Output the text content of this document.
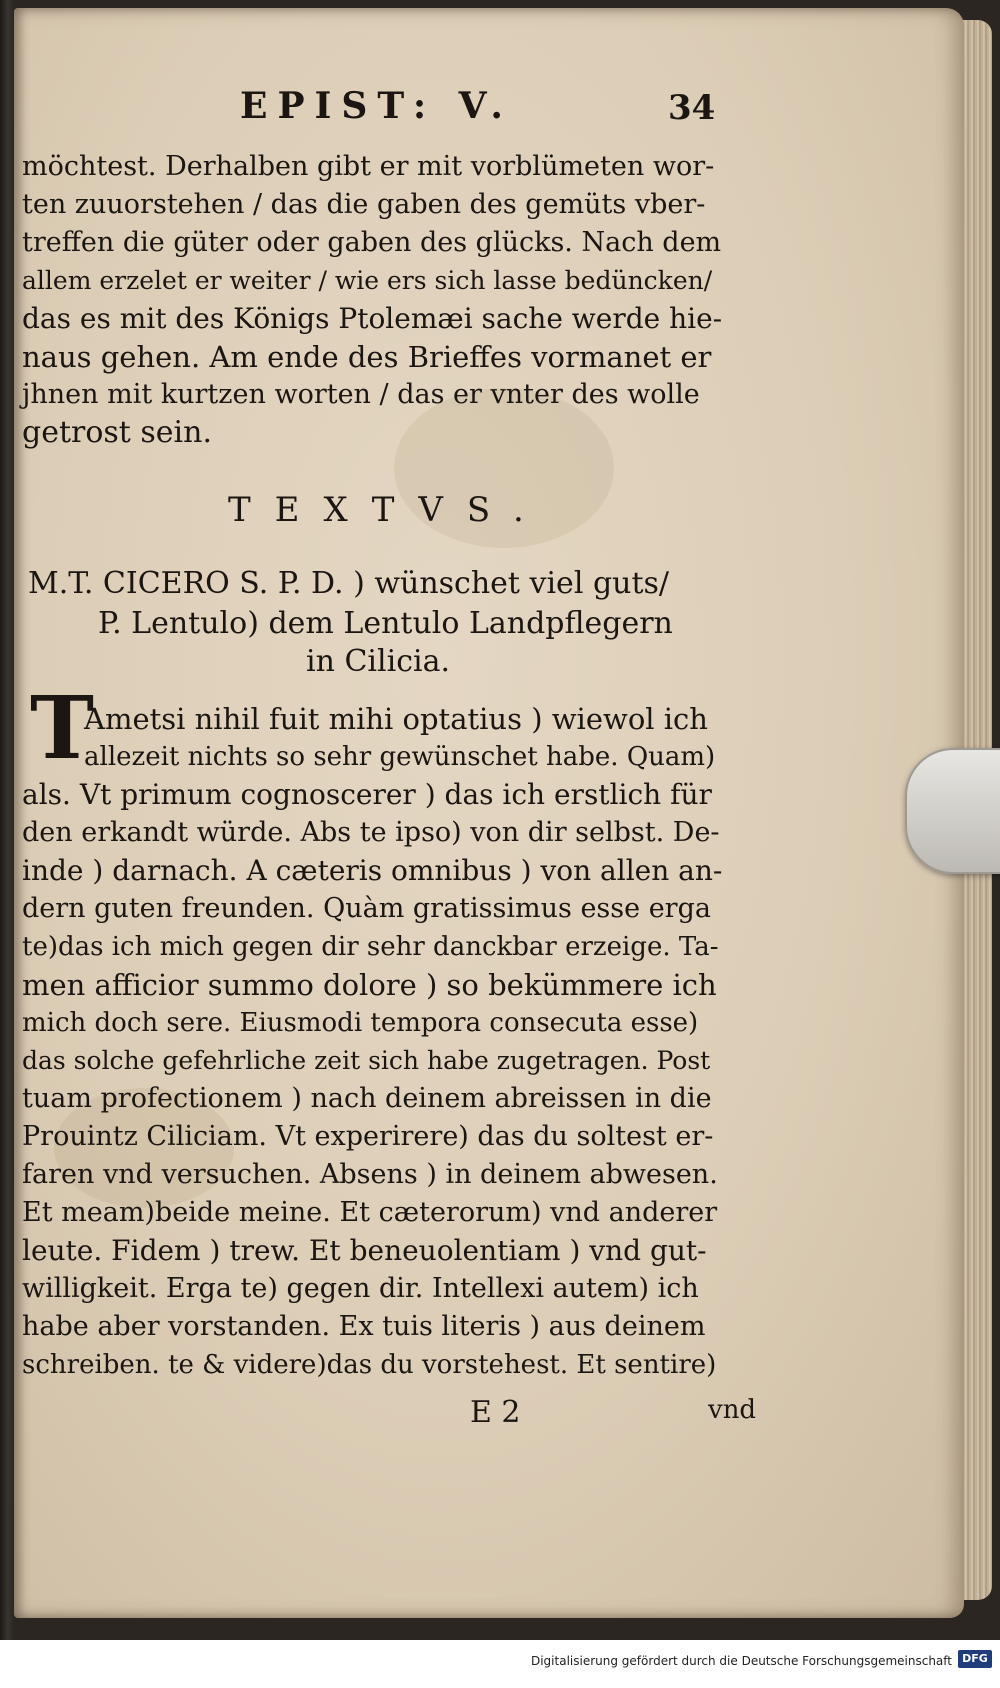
EPIST: V.	34
möchtest. Derhalben gibt er mit vorblümeten wor-
ten zuuorstehen / das die gaben des gemüts vber-
treffen die güter oder gaben des glücks. Nach dem
allem erzelet er weiter / wie ers sich lasse bedüncken/
das es mit des Königs Ptolemæi sache werde hie-
naus gehen. Am ende des Brieffes vormanet er
jhnen mit kurtzen worten / das er vnter des wolle
getrost sein.
TEXTVS.
M.T. CICERO S. P. D. ) wünschet viel guts/
P. Lentulo) dem Lentulo Landpflegern
in Cilicia.
T
Ametsi nihil fuit mihi optatius ) wiewol ich
allezeit nichts so sehr gewünschet habe. Quam)
als. Vt primum cognoscerer ) das ich erstlich für
den erkandt würde. Abs te ipso) von dir selbst. De-
inde ) darnach. A cæteris omnibus ) von allen an-
dern guten freunden. Quàm gratissimus esse erga
te)das ich mich gegen dir sehr danckbar erzeige. Ta-
men afficior summo dolore ) so bekümmere ich
mich doch sere. Eiusmodi tempora consecuta esse)
das solche gefehrliche zeit sich habe zugetragen. Post
tuam profectionem ) nach deinem abreissen in die
Prouintz Ciliciam. Vt experirere) das du soltest er-
faren vnd versuchen. Absens ) in deinem abwesen.
Et meam)beide meine. Et cæterorum) vnd anderer
leute. Fidem ) trew. Et beneuolentiam ) vnd gut-
willigkeit. Erga te) gegen dir. Intellexi autem) ich
habe aber vorstanden. Ex tuis literis ) aus deinem
schreiben. te & videre)das du vorstehest. Et sentire)
E 2	vnd
Digitalisierung gefördert durch die Deutsche Forschungsgemeinschaft DFG
